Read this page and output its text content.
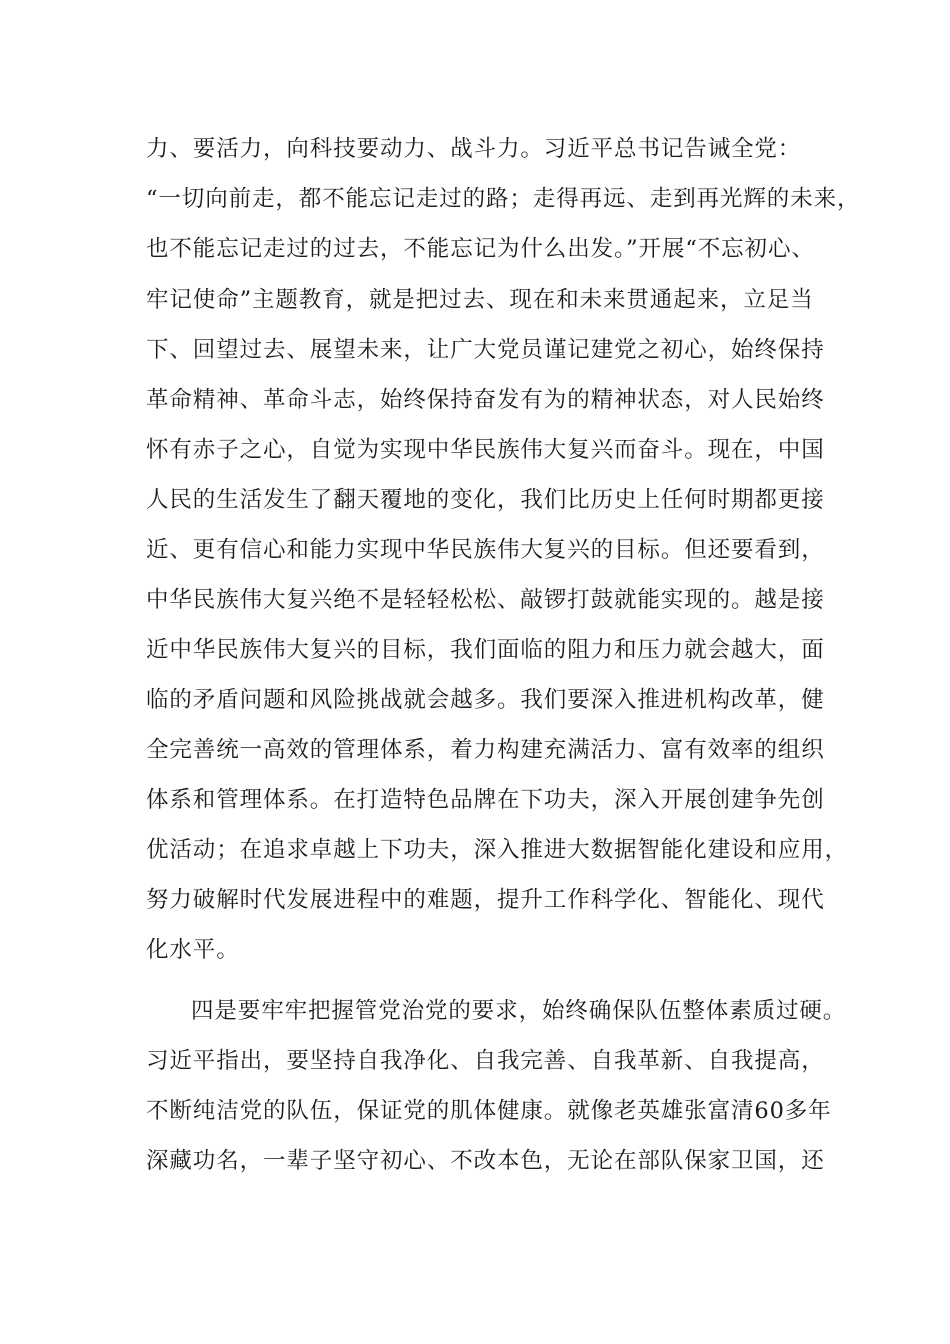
力、要活力，向科技要动力、战斗力。习近平总书记告诫全党：
“一切向前走，都不能忘记走过的路；走得再远、走到再光辉的未来，
也不能忘记走过的过去，不能忘记为什么出发。”开展“不忘初心、
牢记使命”主题教育，就是把过去、现在和未来贯通起来，立足当
下、回望过去、展望未来，让广大党员谨记建党之初心，始终保持
革命精神、革命斗志，始终保持奋发有为的精神状态，对人民始终
怀有赤子之心，自觉为实现中华民族伟大复兴而奋斗。现在，中国
人民的生活发生了翻天覆地的变化，我们比历史上任何时期都更接
近、更有信心和能力实现中华民族伟大复兴的目标。但还要看到，
中华民族伟大复兴绝不是轻轻松松、敲锣打鼓就能实现的。越是接
近中华民族伟大复兴的目标，我们面临的阻力和压力就会越大，面
临的矛盾问题和风险挑战就会越多。我们要深入推进机构改革，健
全完善统一高效的管理体系，着力构建充满活力、富有效率的组织
体系和管理体系。在打造特色品牌在下功夫，深入开展创建争先创
优活动；在追求卓越上下功夫，深入推进大数据智能化建设和应用，
努力破解时代发展进程中的难题，提升工作科学化、智能化、现代
化水平。
四是要牢牢把握管党治党的要求，始终确保队伍整体素质过硬。
习近平指出，要坚持自我净化、自我完善、自我革新、自我提高，
不断纯洁党的队伍，保证党的肌体健康。就像老英雄张富清60多年
深藏功名，一辈子坚守初心、不改本色，无论在部队保家卫国，还
